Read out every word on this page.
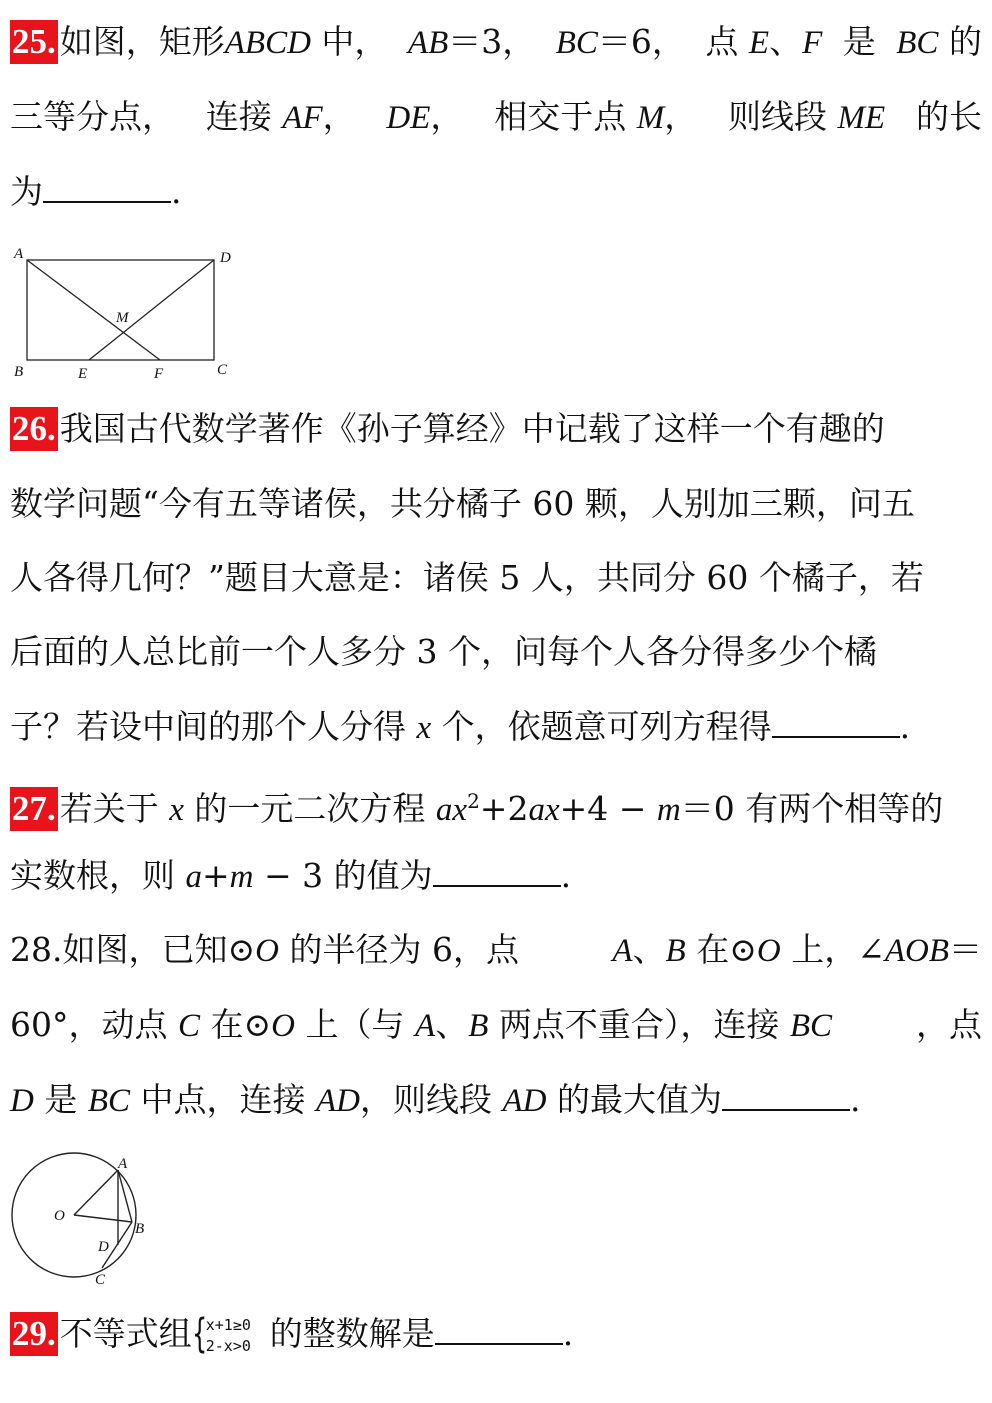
25. 如图，矩形ABCD 中， AB＝3， BC＝6， 点 E、F 是 BC 的
三等分点， 连接 AF， DE， 相交于点 M， 则线段 ME 的长
为	.
A	D
M
B	E	F	C
26. 我国古代数学著作《孙子算经》中记载了这样一个有趣的
数学问题“今有五等诸侯，共分橘子 60 颗，人别加三颗，问五
人各得几何？”题目大意是：诸侯 5 人，共同分 60 个橘子，若
后面的人总比前一个人多分 3 个，问每个人各分得多少个橘
子？若设中间的那个人分得 x 个，依题意可列方程得	.
27. 若关于 x 的一元二次方程 $ax^2+2ax+4 - m=0$ 有两个相等的
实数根，则 a+m − 3 的值为	.
28.如图，已知⊙O 的半径为 6，点	A、B 在⊙O 上，∠AOB＝
60°，动点 C 在⊙O 上（与 A、B 两点不重合），连接 BC	，点
D 是 BC 中点，连接 AD，则线段 AD 的最大值为	.
O
A
B
D
C
29. 不等式组 {
x+1≥0
2-x>0 的整数解是	.
